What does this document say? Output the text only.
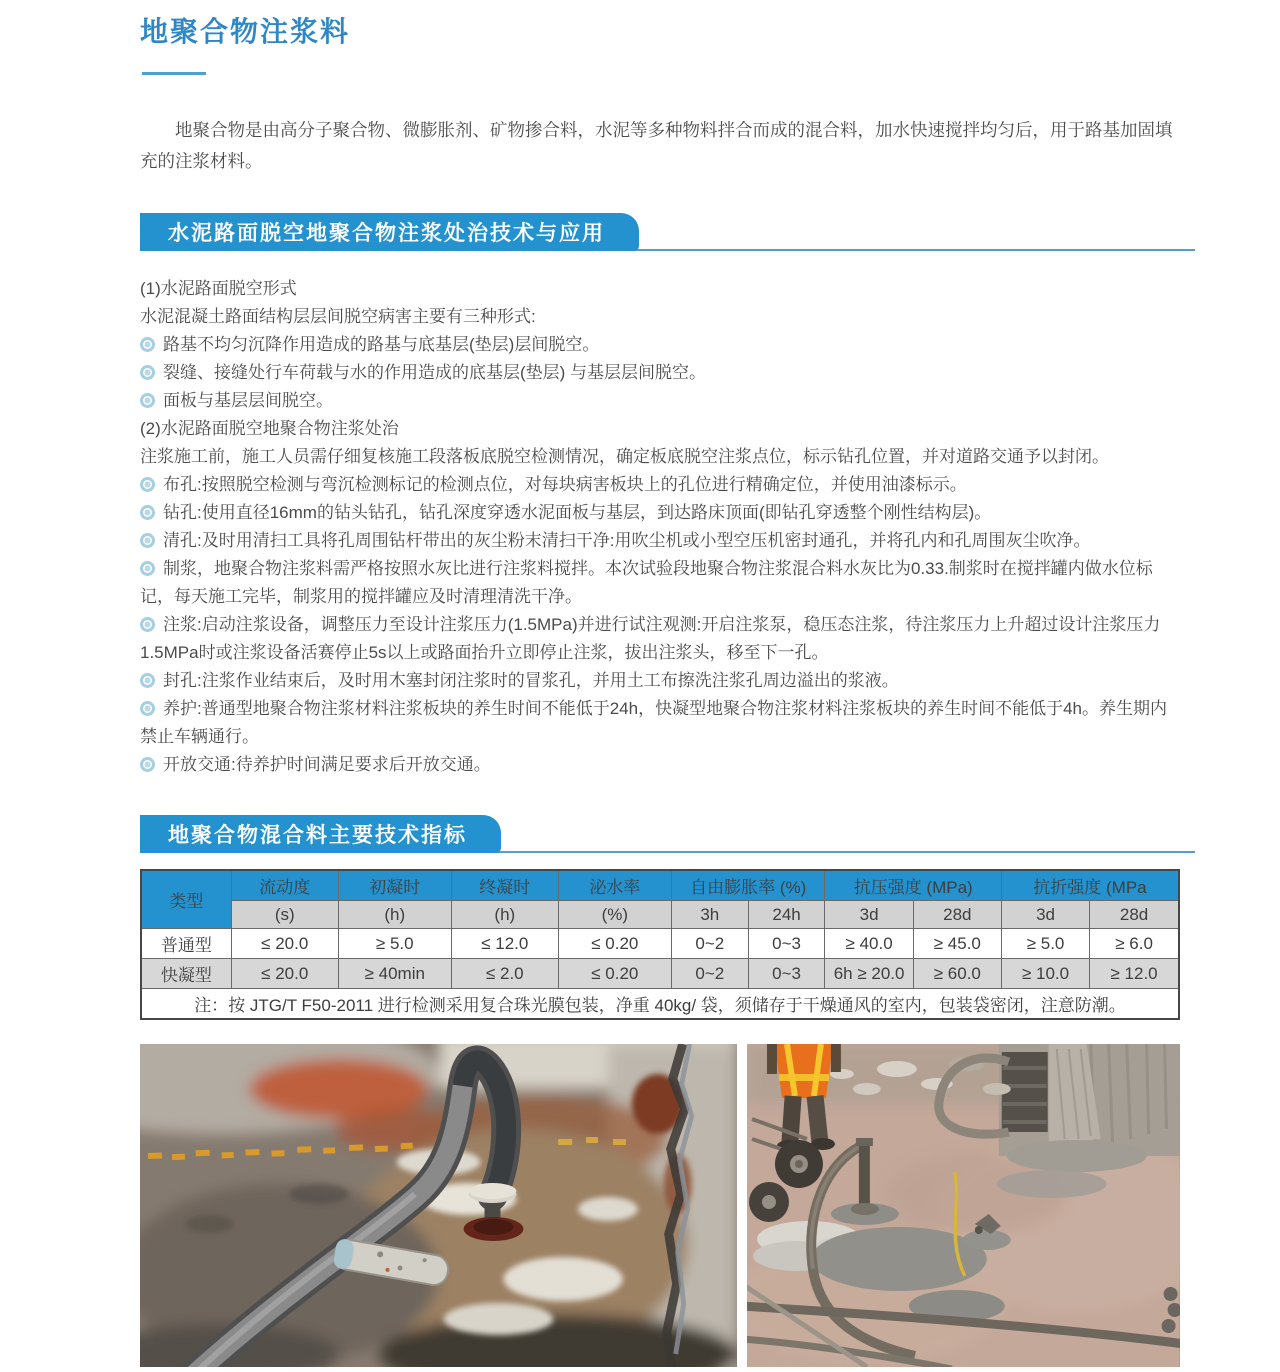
地聚合物注浆料

地聚合物是由高分子聚合物、微膨胀剂、矿物掺合料，水泥等多种物料拌合而成的混合料，加水快速搅拌均匀后，用于路基加固填充的注浆材料。

水泥路面脱空地聚合物注浆处治技术与应用

(1)水泥路面脱空形式

水泥混凝土路面结构层层间脱空病害主要有三种形式:

路基不均匀沉降作用造成的路基与底基层(垫层)层间脱空。

裂缝、接缝处行车荷载与水的作用造成的底基层(垫层) 与基层层间脱空。

面板与基层层间脱空。

(2)水泥路面脱空地聚合物注浆处治

注浆施工前，施工人员需仔细复核施工段落板底脱空检测情况，确定板底脱空注浆点位，标示钻孔位置，并对道路交通予以封闭。

布孔:按照脱空检测与弯沉检测标记的检测点位，对每块病害板块上的孔位进行精确定位，并使用油漆标示。

钻孔:使用直径16mm的钻头钻孔，钻孔深度穿透水泥面板与基层，到达路床顶面(即钻孔穿透整个刚性结构层)。

清孔:及时用清扫工具将孔周围钻杆带出的灰尘粉末清扫干净:用吹尘机或小型空压机密封通孔，并将孔内和孔周围灰尘吹净。

制浆，地聚合物注浆料需严格按照水灰比进行注浆料搅拌。本次试验段地聚合物注浆混合料水灰比为0.33.制浆时在搅拌罐内做水位标记，每天施工完毕，制浆用的搅拌罐应及时清理清洗干净。

注浆:启动注浆设备，调整压力至设计注浆压力(1.5MPa)并进行试注观测:开启注浆泵，稳压态注浆，待注浆压力上升超过设计注浆压力1.5MPa时或注浆设备活赛停止5s以上或路面抬升立即停止注浆，拔出注浆头，移至下一孔。

封孔:注浆作业结束后，及时用木塞封闭注浆时的冒浆孔，并用土工布擦洗注浆孔周边溢出的浆液。

养护:普通型地聚合物注浆材料注浆板块的养生时间不能低于24h，快凝型地聚合物注浆材料注浆板块的养生时间不能低于4h。养生期内禁止车辆通行。

开放交通:待养护时间满足要求后开放交通。

地聚合物混合料主要技术指标
类型	流动度	初凝时	终凝时	泌水率	自由膨胀率 (%)		抗压强度 (MPa)		抗折强度 (MPa	
	(s)	(h)	(h)	(%)	3h	24h	3d	28d	3d	28d
普通型	≤ 20.0	≥ 5.0	≤ 12.0	≤ 0.20	0~2	0~3	≥ 40.0	≥ 45.0	≥ 5.0	≥ 6.0
快凝型	≤ 20.0	≥ 40min	≤ 2.0	≤ 0.20	0~2	0~3	6h ≥ 20.0	≥ 60.0	≥ 10.0	≥ 12.0
注：按 JTG/T F50-2011 进行检测采用复合珠光膜包装，净重 40kg/ 袋，须储存于干燥通风的室内，包装袋密闭，注意防潮。										
